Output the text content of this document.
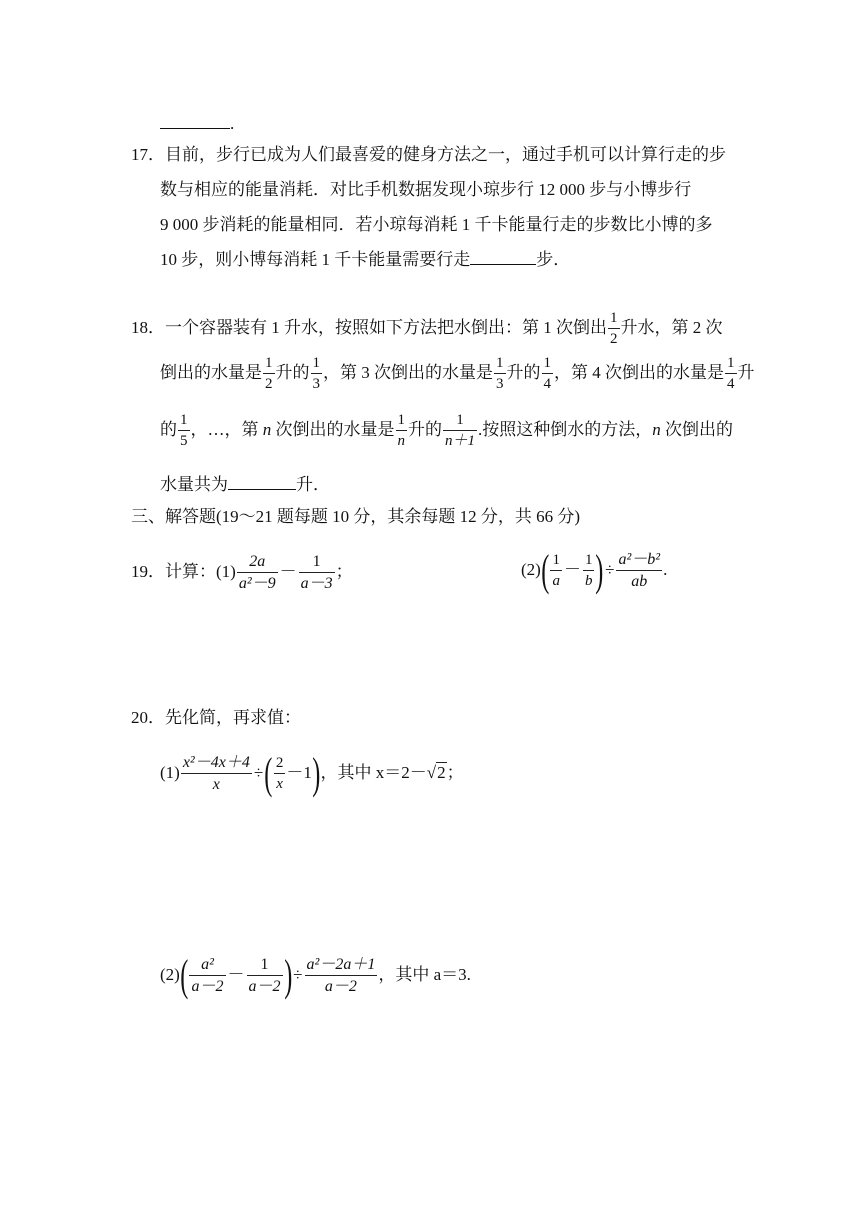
.
17．目前，步行已成为人们最喜爱的健身方法之一，通过手机可以计算行走的步
数与相应的能量消耗．对比手机数据发现小琼步行 12 000 步与小博步行
9 000 步消耗的能量相同．若小琼每消耗 1 千卡能量行走的步数比小博的多
10 步，则小博每消耗 1 千卡能量需要行走	步．
18．一个容器装有 1 升水，按照如下方法把水倒出：第 1 次倒出 $\frac{1}{2}$ 升水，第 2 次
倒出的水量是 $\frac{1}{2}$ 升的 $\frac{1}{3}$ ，第 3 次倒出的水量是 $\frac{1}{3}$ 升的 $\frac{1}{4}$ ，第 4 次倒出的水量是 $\frac{1}{4}$ 升
的 $\frac{1}{5}$ ，…，第 n 次倒出的水量是 $\frac{1}{n}$ 升的 $\frac{1}{n+1}$ .按照这种倒水的方法，n 次倒出的
水量共为	升．
三、解答题(19～21 题每题 10 分，其余每题 12 分，共 66 分)
19．计算：$(1) \frac{2a}{\text{a²－9}} - \frac{1}{a-3}$ ；	$(2)( \frac{1}{a} - \frac{1}{b}$ )÷ $\frac{\text{a²－b²}}{ab}$ .
20．先化简，再求值：
$(1) \frac{\text{x²－4x＋4}}{x}$ ÷( $\frac{2}{x} -1$)，其中 x＝2－√2；
$(2)( \frac{\text{a²}}{a-2} - \frac{1}{a-2}$ )÷ $\frac{\text{a²－2a＋1}}{a-2}$ ，其中 a＝3.
